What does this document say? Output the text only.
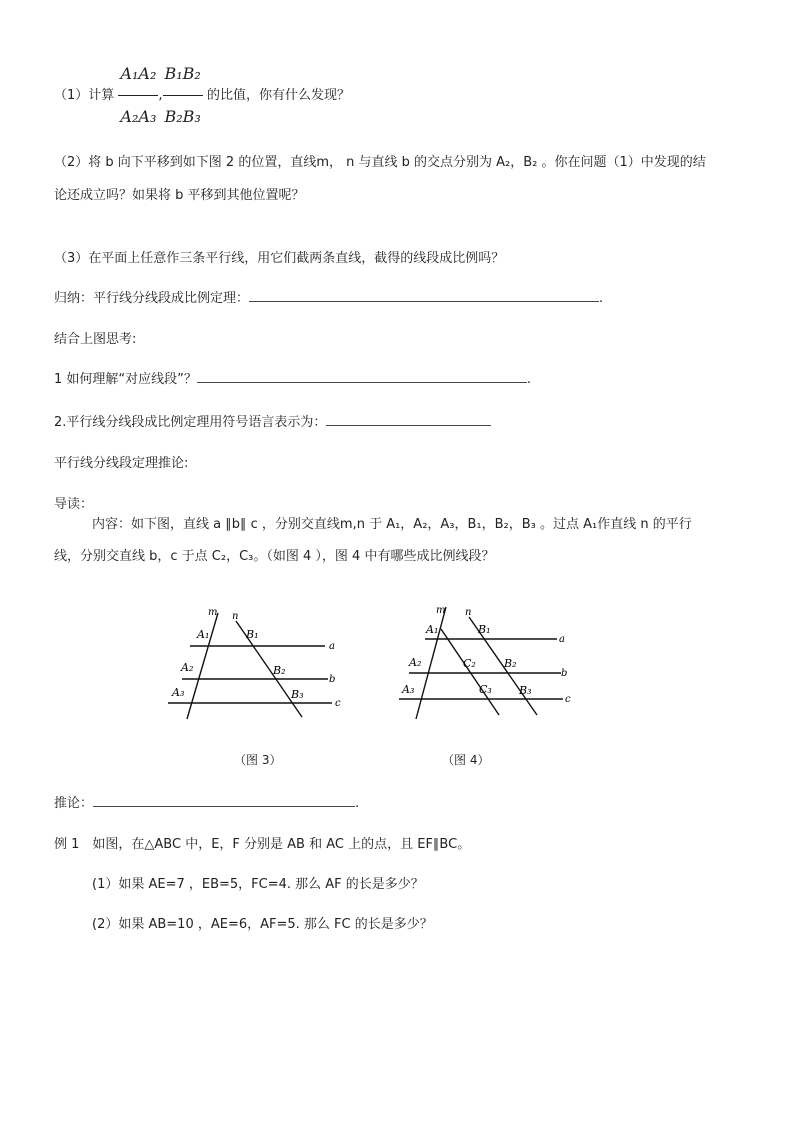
（1）计算 $\frac{\text{A₁A₂}}{\text{A₂A₃}}$ , $\frac{\text{B₁B₂}}{\text{B₂B₃}}$ 的比值，你有什么发现？
（2）将 b 向下平移到如下图 2 的位置，直线m， n 与直线 b 的交点分别为 A₂，B₂ 。你在问题（1）中发现的结
论还成立吗？如果将 b 平移到其他位置呢？
（3）在平面上任意作三条平行线，用它们截两条直线，截得的线段成比例吗？
归纳：平行线分线段成比例定理：	.
结合上图思考:
1 如何理解“对应线段”？	.
2.平行线分线段成比例定理用符号语言表示为：
平行线分线段定理推论:
导读：
内容：如下图，直线 a ∥b∥ c ，分别交直线m,n 于 A₁，A₂，A₃，B₁，B₂，B₃ 。过点 A₁作直线 n 的平行
线，分别交直线 b，c 于点 C₂，C₃。（如图 4 ），图 4 中有哪些成比例线段？
m n
a
b
c
A₁
A₂
A₃
B₁
B₂
B₃
（图 3）
m n
a
b
c
A₁
A₂
A₃
B₁
B₂
B₃
C₂
C₃
（图 4）
推论：	.
例 1　如图，在△ABC 中，E，F 分别是 AB 和 AC 上的点，且 EF∥BC。
(1）如果 AE=7 ，EB=5，FC=4. 那么 AF 的长是多少？
(2）如果 AB=10 ，AE=6，AF=5. 那么 FC 的长是多少？
